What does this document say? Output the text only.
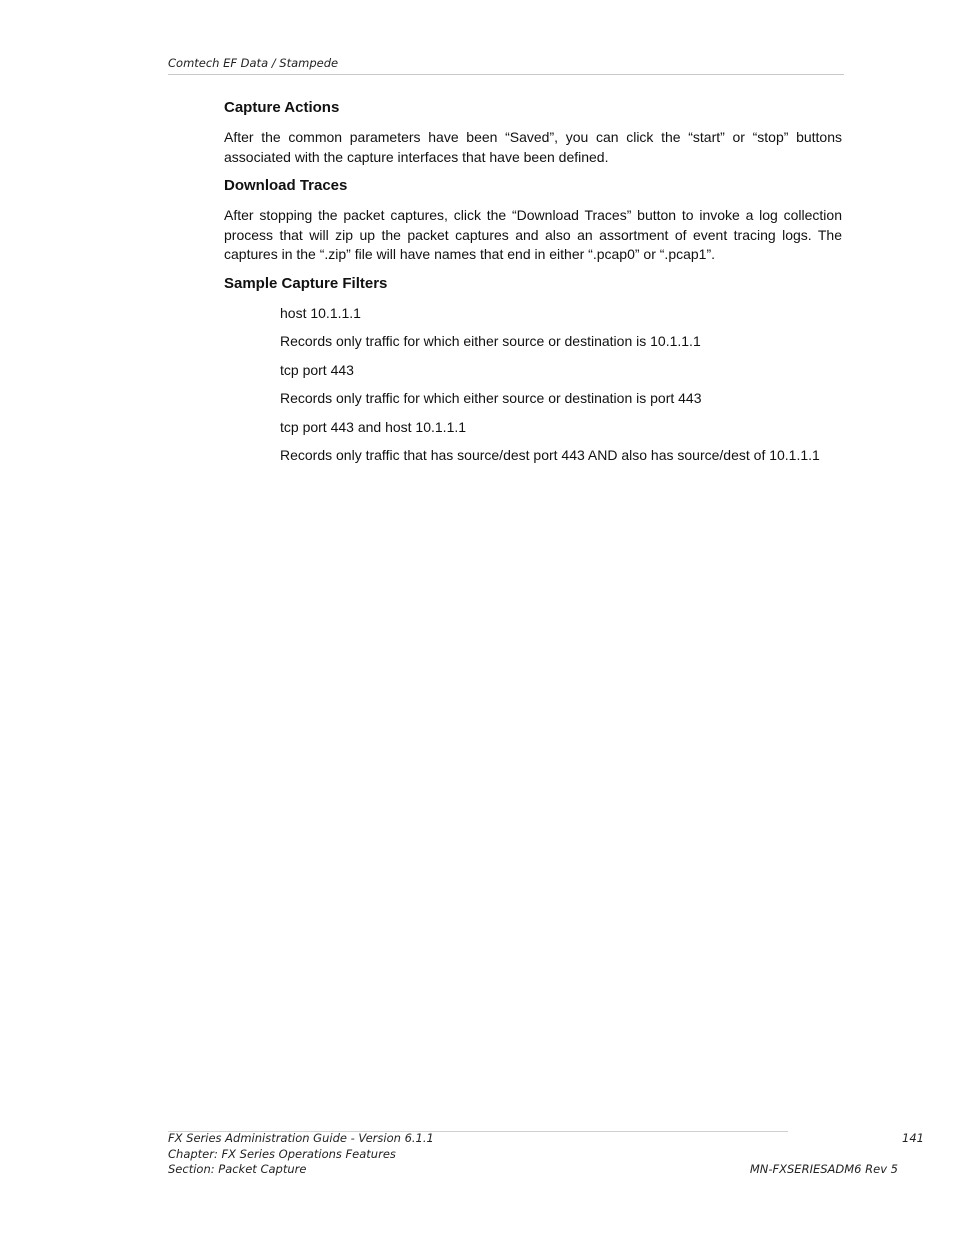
Comtech EF Data / Stampede
Capture Actions

After the common parameters have been “Saved”, you can click the “start” or “stop” buttons associated with the capture interfaces that have been defined.

Download Traces

After stopping the packet captures, click the “Download Traces” button to invoke a log collection process that will zip up the packet captures and also an assortment of event tracing logs. The captures in the “.zip” file will have names that end in either “.pcap0” or “.pcap1”.

Sample Capture Filters

host 10.1.1.1

Records only traffic for which either source or destination is 10.1.1.1

tcp port 443

Records only traffic for which either source or destination is port 443

tcp port 443 and host 10.1.1.1

Records only traffic that has source/dest port 443 AND also has source/dest of 10.1.1.1

FX Series Administration Guide - Version 6.1.1
Chapter: FX Series Operations Features
Section: Packet Capture	MN-FXSERIESADM6 Rev 5
141
